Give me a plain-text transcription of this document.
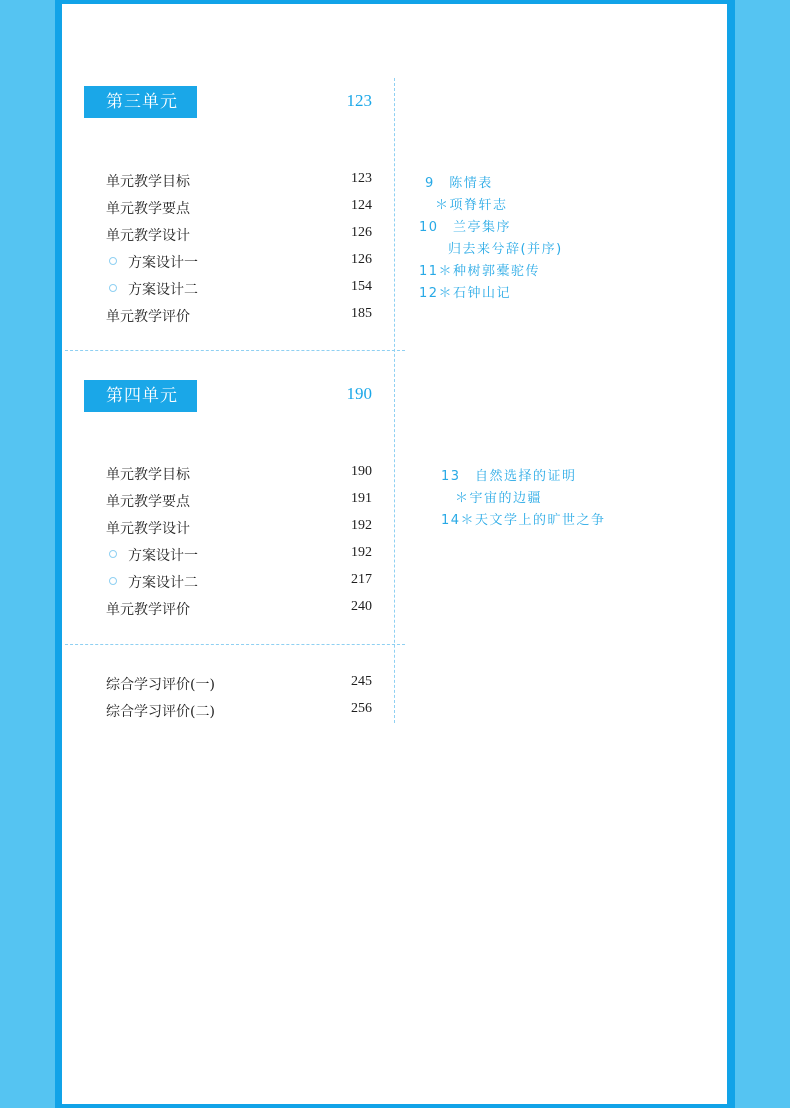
第三单元	123
单元教学目标	123
单元教学要点	124
单元教学设计	126
方案设计一	126
方案设计二	154
单元教学评价	185
9　陈情表
＊项脊轩志
10　兰亭集序
归去来兮辞(并序)
11＊种树郭橐驼传
12＊石钟山记
第四单元	190
单元教学目标	190
单元教学要点	191
单元教学设计	192
方案设计一	192
方案设计二	217
单元教学评价	240
13　自然选择的证明
＊宇宙的边疆
14＊天文学上的旷世之争
综合学习评价(一)	245
综合学习评价(二)	256
